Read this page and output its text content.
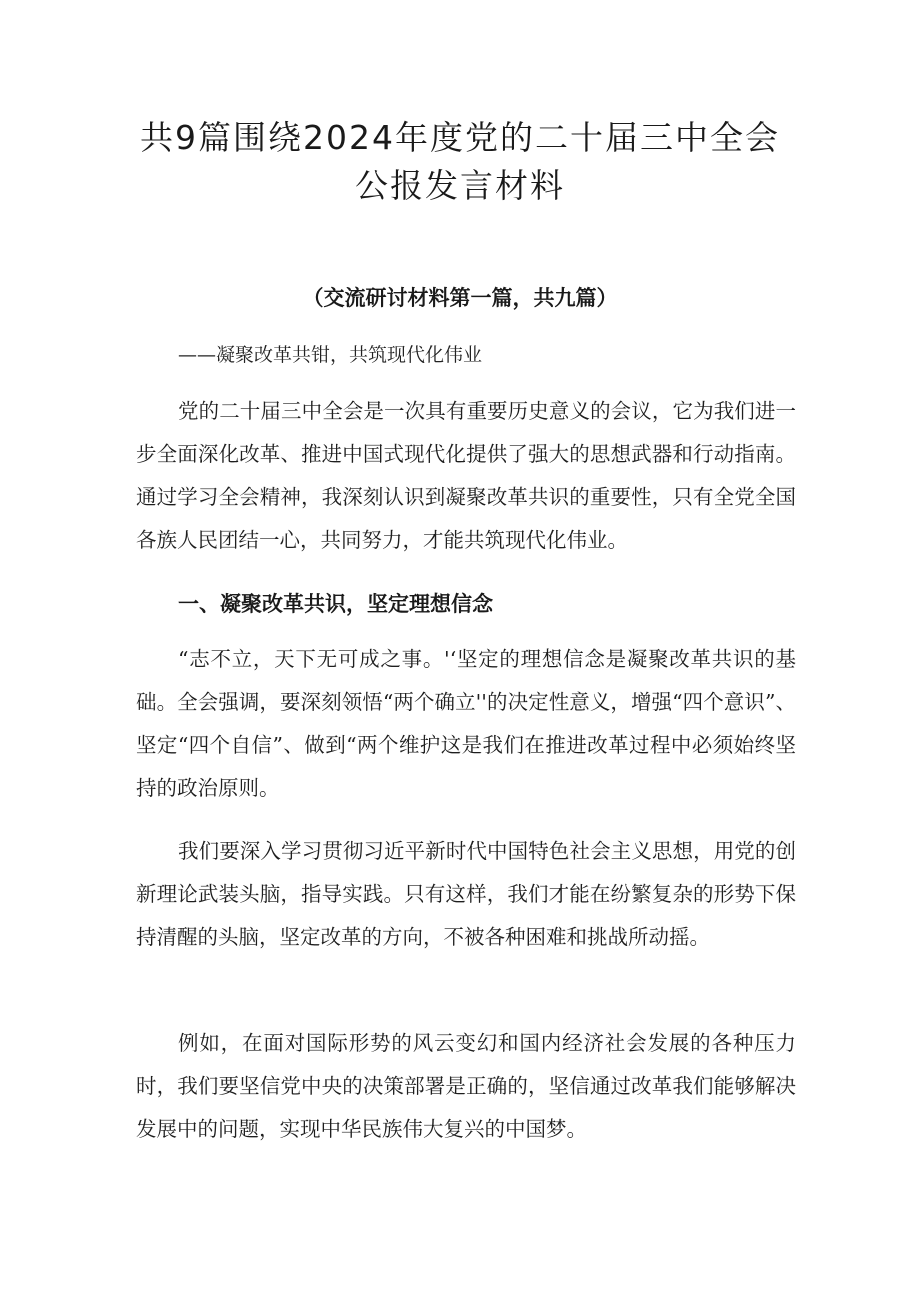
共9篇围绕2024年度党的二十届三中全会
公报发言材料
（交流研讨材料第一篇，共九篇）

——凝聚改革共钳，共筑现代化伟业

党的二十届三中全会是一次具有重要历史意义的会议，它为我们进一步全面深化改革、推进中国式现代化提供了强大的思想武器和行动指南。通过学习全会精神，我深刻认识到凝聚改革共识的重要性，只有全党全国各族人民团结一心，共同努力，才能共筑现代化伟业。

一、凝聚改革共识，坚定理想信念

“志不立，天下无可成之事。'‘坚定的理想信念是凝聚改革共识的基础。全会强调，要深刻领悟“两个确立''的决定性意义，增强“四个意识”、坚定“四个自信”、做到“两个维护这是我们在推进改革过程中必须始终坚持的政治原则。

我们要深入学习贯彻习近平新时代中国特色社会主义思想，用党的创新理论武装头脑，指导实践。只有这样，我们才能在纷繁复杂的形势下保持清醒的头脑，坚定改革的方向，不被各种困难和挑战所动摇。

例如，在面对国际形势的风云变幻和国内经济社会发展的各种压力时，我们要坚信党中央的决策部署是正确的，坚信通过改革我们能够解决发展中的问题，实现中华民族伟大复兴的中国梦。
